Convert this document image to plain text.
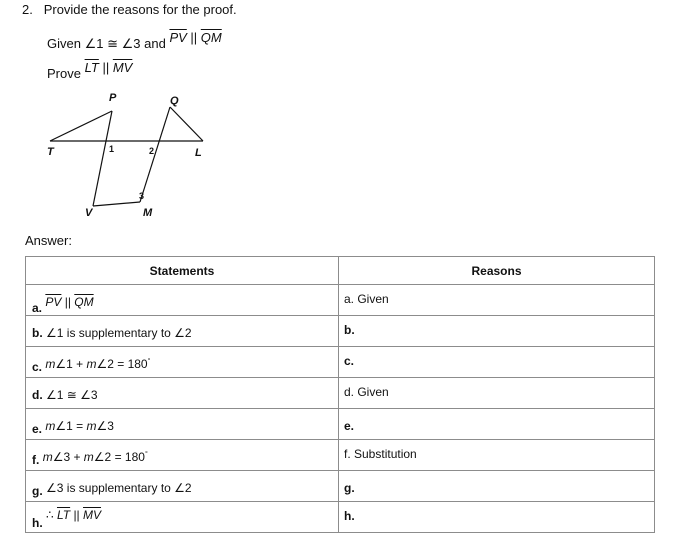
2. Provide the reasons for the proof.
Given ∠1 ≅ ∠3 and $\overline{PV}$ || $\overline{QM}$
Prove $\overline{LT}$ || $\overline{MV}$
P	Q
T	L
V	M
1	2
3
Answer:
Statements	Reasons

a. $\overline{PV}$ || $\overline{QM}$	a. Given

b. ∠1 is supplementary to ∠2	b.

c. m∠1 + m∠2 = 180°	c.

d. ∠1 ≅ ∠3	d. Given

e. m∠1 = m∠3	e.

f. m∠3 + m∠2 = 180°	f. Substitution

g. ∠3 is supplementary to ∠2	g.

h. ∴ $\overline{LT}$ || $\overline{MV}$	h.
